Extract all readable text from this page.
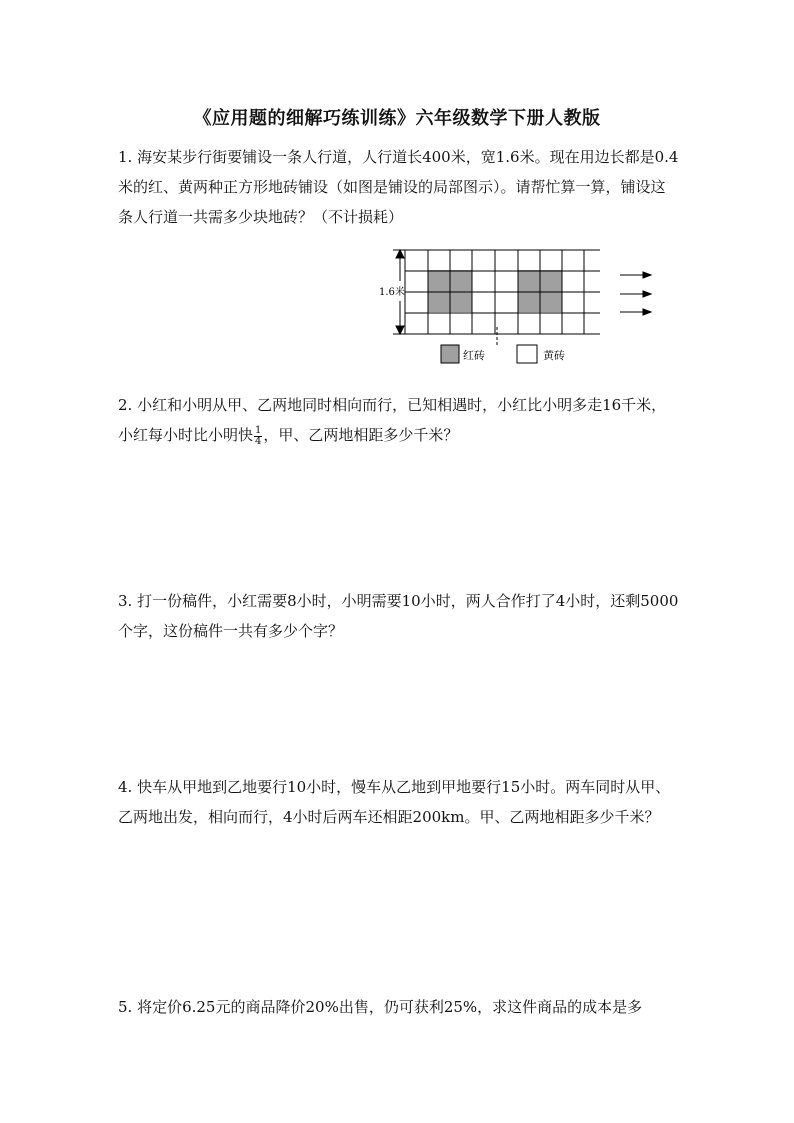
《应用题的细解巧练训练》六年级数学下册人教版
1. 海安某步行街要铺设一条人行道，人行道长400米，宽1.6米。现在用边长都是0.4米的红、黄两种正方形地砖铺设（如图是铺设的局部图示）。请帮忙算一算，铺设这条人行道一共需多少块地砖？（不计损耗）
1.6米
红砖	黄砖
2. 小红和小明从甲、乙两地同时相向而行，已知相遇时，小红比小明多走16千米，小红每小时比小明快 $\frac{1}{4}$ ，甲、乙两地相距多少千米？
3. 打一份稿件，小红需要8小时，小明需要10小时，两人合作打了4小时，还剩5000个字，这份稿件一共有多少个字？
4. 快车从甲地到乙地要行10小时，慢车从乙地到甲地要行15小时。两车同时从甲、乙两地出发，相向而行，4小时后两车还相距200km。甲、乙两地相距多少千米？
5. 将定价6.25元的商品降价20%出售，仍可获利25%，求这件商品的成本是多
